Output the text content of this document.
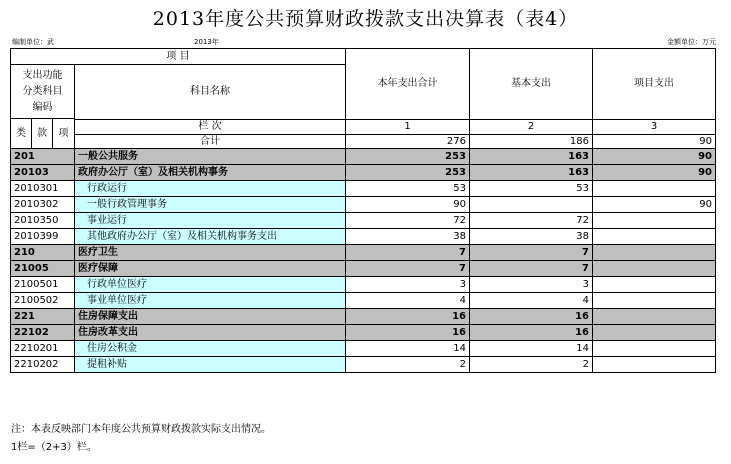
2013年度公共预算财政拨款支出决算表（表4）
编制单位：武	2013年	金额单位：万元
项 目				本年支出合计	基本支出	项目支出
支出功能分类科目编码			科目名称			
类	款	项				
			栏 次	1	2	3
			合计	276	186	90
201			一般公共服务	253	163	90
20103			政府办公厅（室）及相关机构事务	253	163	90
2010301			行政运行	53	53	
2010302			一般行政管理事务	90		90
2010350			事业运行	72	72	
2010399			其他政府办公厅（室）及相关机构事务支出	38	38	
210			医疗卫生	7	7	
21005			医疗保障	7	7	
2100501			行政单位医疗	3	3	
2100502			事业单位医疗	4	4	
221			住房保障支出	16	16	
22102			住房改革支出	16	16	
2210201			住房公积金	14	14	
2210202			提租补贴	2	2	
注：本表反映部门本年度公共预算财政拨款实际支出情况。
1栏=（2+3）栏。
